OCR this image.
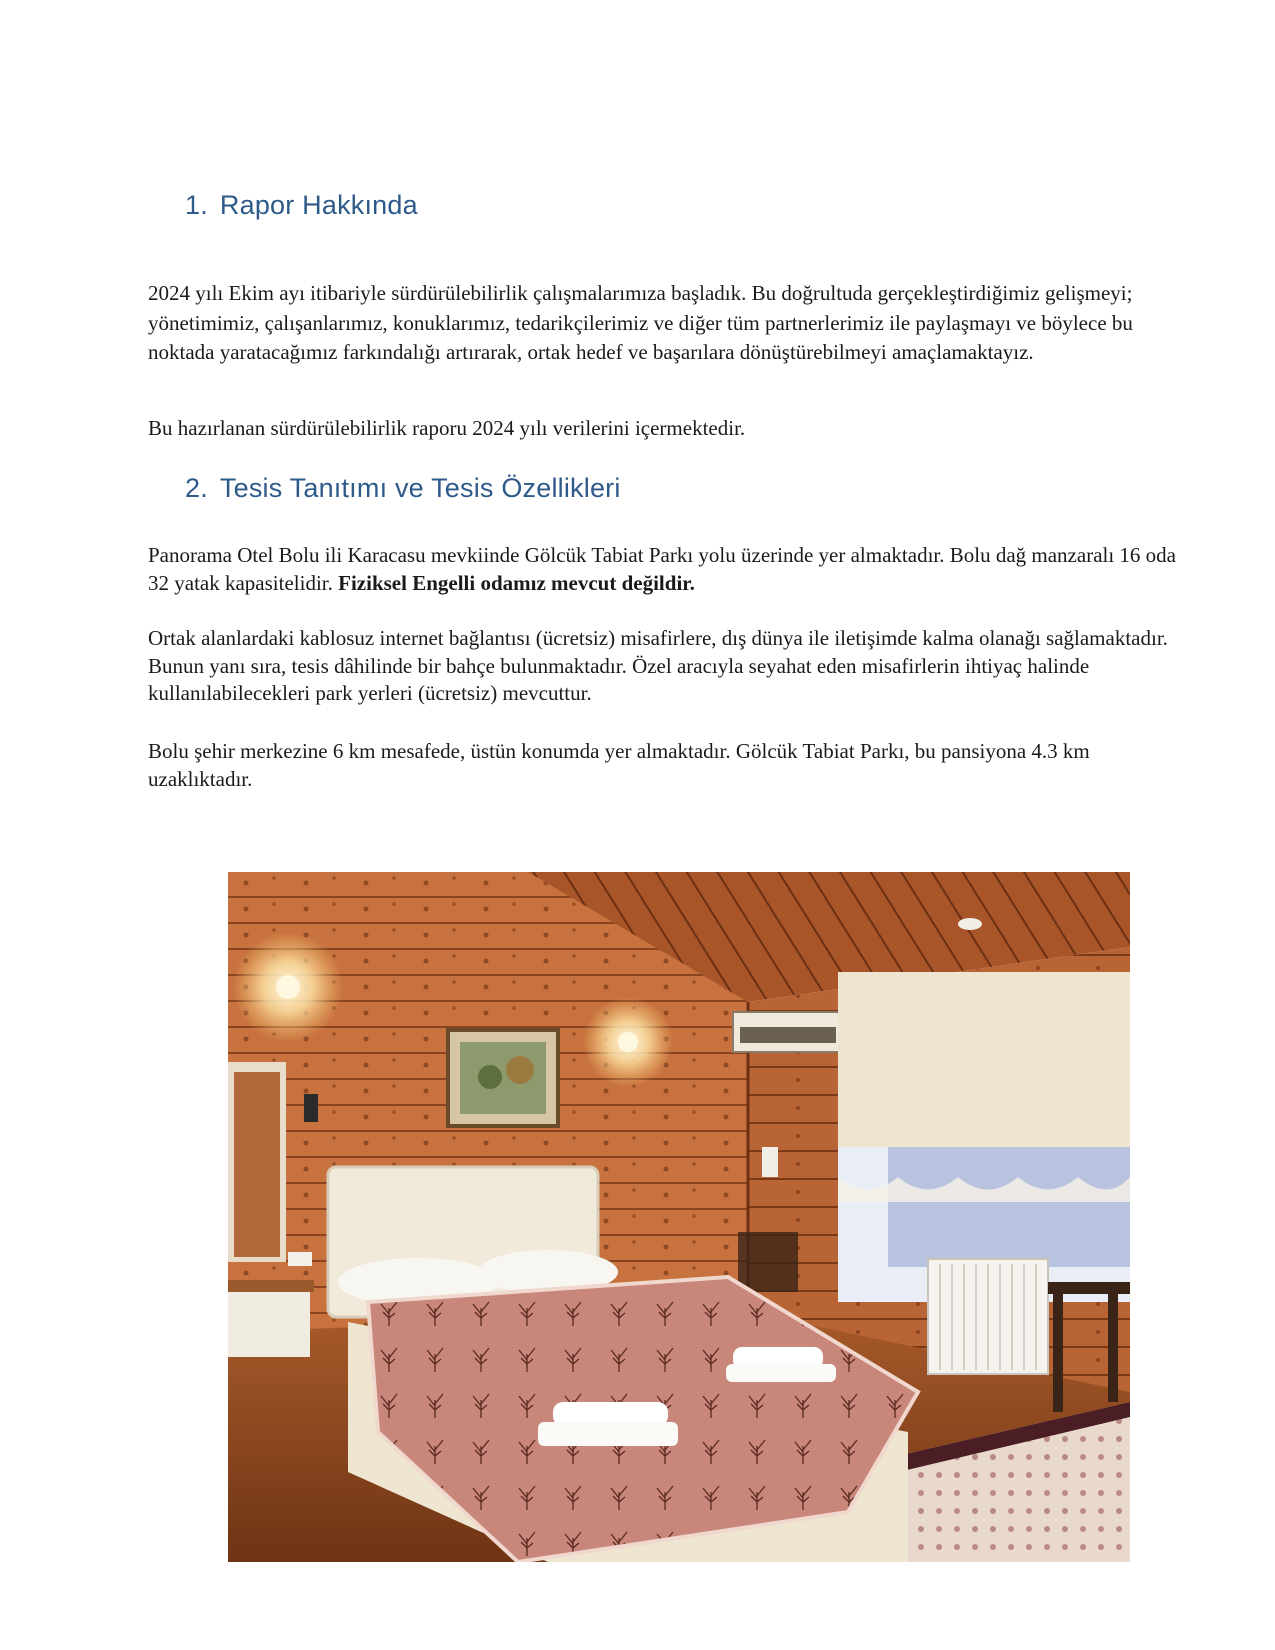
1. Rapor Hakkında

2024 yılı Ekim ayı itibariyle sürdürülebilirlik çalışmalarımıza başladık. Bu doğrultuda gerçekleştirdiğimiz gelişmeyi; yönetimimiz, çalışanlarımız, konuklarımız, tedarikçilerimiz ve diğer tüm partnerlerimiz ile paylaşmayı ve böylece bu noktada yaratacağımız farkındalığı artırarak, ortak hedef ve başarılara dönüştürebilmeyi amaçlamaktayız.

Bu hazırlanan sürdürülebilirlik raporu 2024 yılı verilerini içermektedir.

2. Tesis Tanıtımı ve Tesis Özellikleri

Panorama Otel Bolu ili Karacasu mevkiinde Gölcük Tabiat Parkı yolu üzerinde yer almaktadır. Bolu dağ manzaralı 16 oda 32 yatak kapasitelidir. Fiziksel Engelli odamız mevcut değildir.

Ortak alanlardaki kablosuz internet bağlantısı (ücretsiz) misafirlere, dış dünya ile iletişimde kalma olanağı sağlamaktadır. Bunun yanı sıra, tesis dâhilinde bir bahçe bulunmaktadır. Özel aracıyla seyahat eden misafirlerin ihtiyaç halinde kullanılabilecekleri park yerleri (ücretsiz) mevcuttur.

Bolu şehir merkezine 6 km mesafede, üstün konumda yer almaktadır. Gölcük Tabiat Parkı, bu pansiyona 4.3 km uzaklıktadır.
